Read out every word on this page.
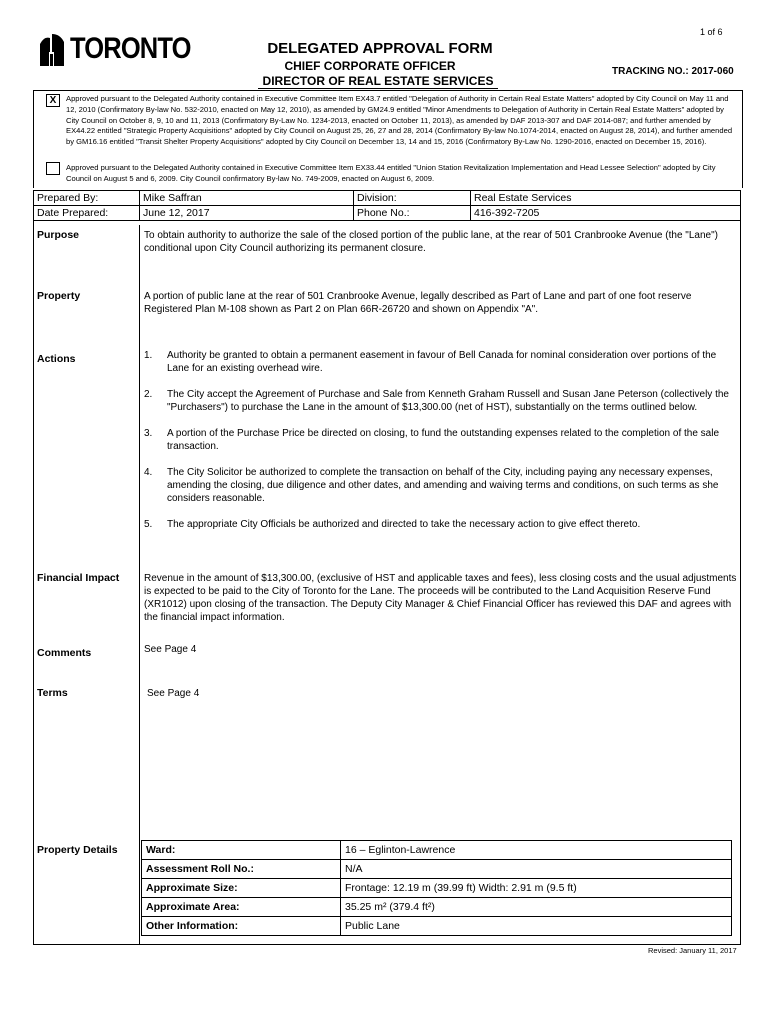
1 of 6
TORONTO	DELEGATED APPROVAL FORM
CHIEF CORPORATE OFFICER
DIRECTOR OF REAL ESTATE SERVICES
TRACKING NO.: 2017-060
X	Approved pursuant to the Delegated Authority contained in Executive Committee Item EX43.7 entitled "Delegation of Authority in Certain Real Estate Matters" adopted by City Council on May 11 and 12, 2010 (Confirmatory By-law No. 532-2010, enacted on May 12, 2010), as amended by GM24.9 entitled "Minor Amendments to Delegation of Authority in Certain Real Estate Matters" adopted by City Council on October 8, 9, 10 and 11, 2013 (Confirmatory By-Law No. 1234-2013, enacted on October 11, 2013), as amended by DAF 2013-307 and DAF 2014-087; and further amended by EX44.22 entitled "Strategic Property Acquisitions" adopted by City Council on August 25, 26, 27 and 28, 2014 (Confirmatory By-law No.1074-2014, enacted on August 28, 2014), and further amended by GM16.16 entitled "Transit Shelter Property Acquisitions" adopted by City Council on December 13, 14 and 15, 2016 (Confirmatory By-Law No. 1290-2016, enacted on December 15, 2016).
Approved pursuant to the Delegated Authority contained in Executive Committee Item EX33.44 entitled "Union Station Revitalization Implementation and Head Lessee Selection" adopted by City Council on August 5 and 6, 2009. City Council confirmatory By-law No. 749-2009, enacted on August 6, 2009.
Prepared By:	Mike Saffran	Division:	Real Estate Services
Date Prepared:	June 12, 2017	Phone No.:	416-392-7205
Purpose	To obtain authority to authorize the sale of the closed portion of the public lane, at the rear of 501 Cranbrooke Avenue (the "Lane") conditional upon City Council authorizing its permanent closure.
Property	A portion of public lane at the rear of 501 Cranbrooke Avenue, legally described as Part of Lane and part of one foot reserve Registered Plan M-108 shown as Part 2 on Plan 66R-26720 and shown on Appendix "A".
Actions	1. Authority be granted to obtain a permanent easement in favour of Bell Canada for nominal consideration over portions of the Lane for an existing overhead wire.
2. The City accept the Agreement of Purchase and Sale from Kenneth Graham Russell and Susan Jane Peterson (collectively the "Purchasers") to purchase the Lane in the amount of $13,300.00 (net of HST), substantially on the terms outlined below.
3. A portion of the Purchase Price be directed on closing, to fund the outstanding expenses related to the completion of the sale transaction.
4. The City Solicitor be authorized to complete the transaction on behalf of the City, including paying any necessary expenses, amending the closing, due diligence and other dates, and amending and waiving terms and conditions, on such terms as she considers reasonable.
5. The appropriate City Officials be authorized and directed to take the necessary action to give effect thereto.
Financial Impact Revenue in the amount of $13,300.00, (exclusive of HST and applicable taxes and fees), less closing costs and the usual adjustments is expected to be paid to the City of Toronto for the Lane. The proceeds will be contributed to the Land Acquisition Reserve Fund (XR1012) upon closing of the transaction. The Deputy City Manager & Chief Financial Officer has reviewed this DAF and agrees with the financial impact information.
Comments	See Page 4
Terms	See Page 4
Property Details	Ward:	16 – Eglinton-Lawrence
Assessment Roll No.:	N/A
Approximate Size:	Frontage: 12.19 m (39.99 ft) Width: 2.91 m (9.5 ft)
Approximate Area:	35.25 m² (379.4 ft²)
Other Information:	Public Lane
Revised: January 11, 2017
